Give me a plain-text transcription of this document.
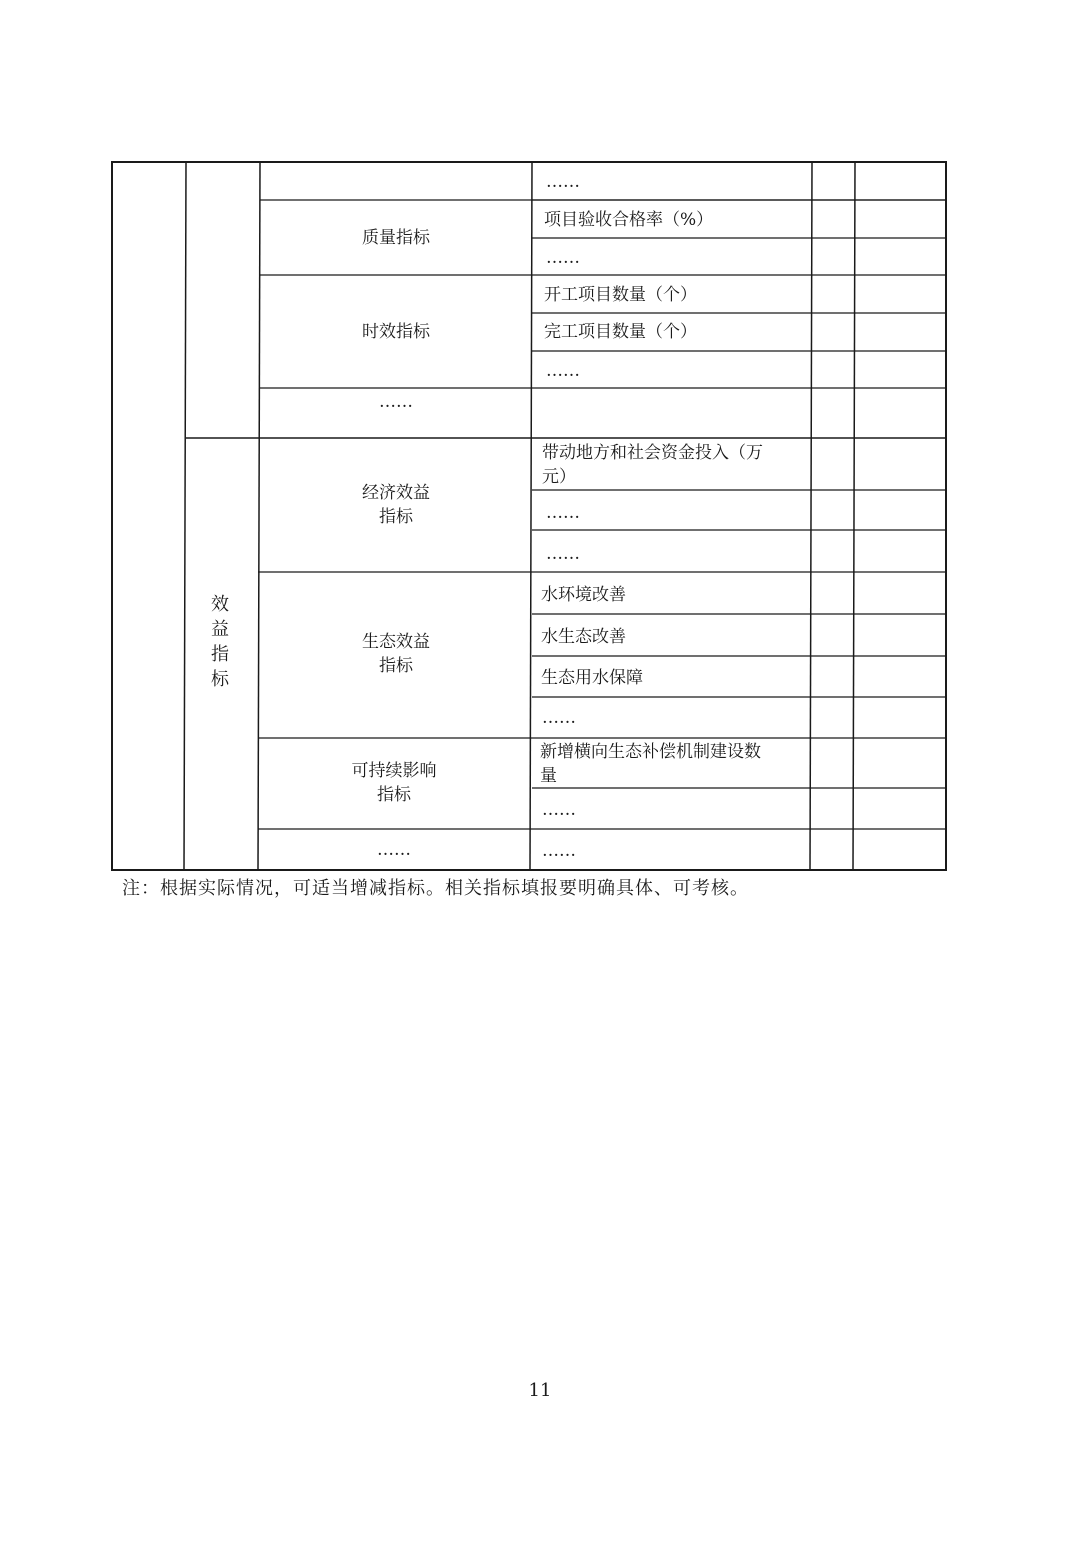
效益指标
质量指标
时效指标
……
经济效益
指标
生态效益
指标
可持续影响
指标
……
……
项目验收合格率（%）
……
开工项目数量（个）
完工项目数量（个）
……
带动地方和社会资金投入（万
元）
……
……
水环境改善
水生态改善
生态用水保障
……
新增横向生态补偿机制建设数
量
……
……
注：根据实际情况，可适当增减指标。相关指标填报要明确具体、可考核。
11
